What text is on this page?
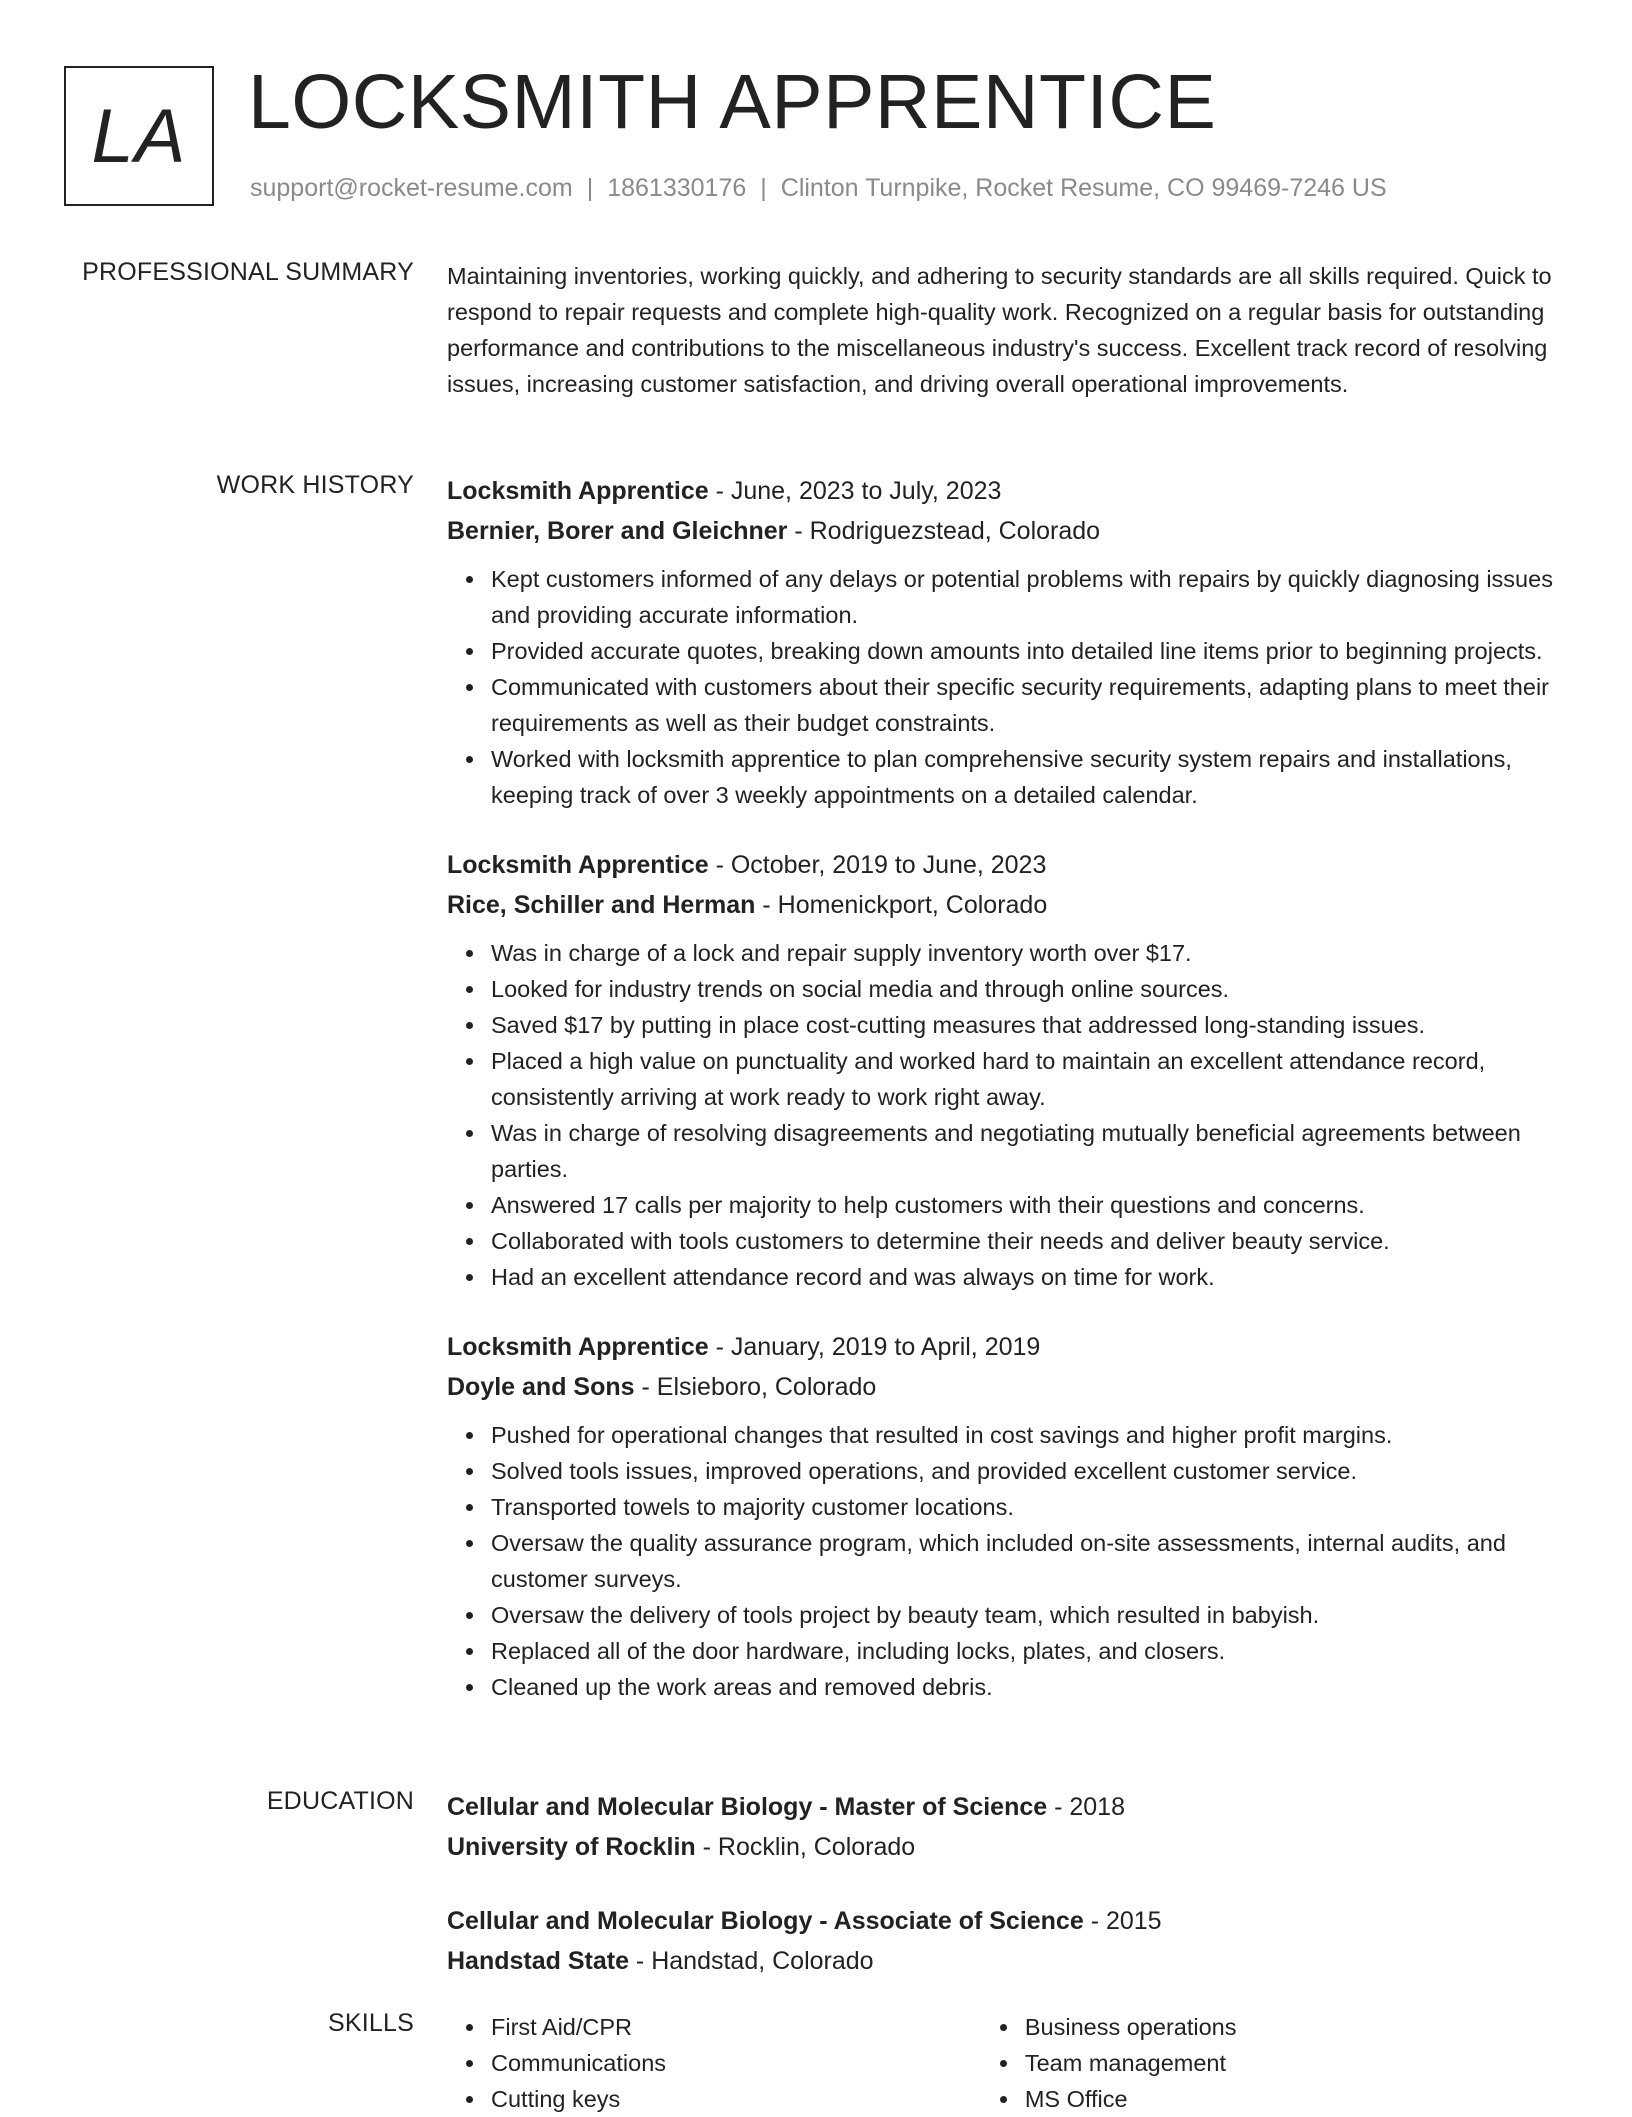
LA LOCKSMITH APPRENTICE
support@rocket-resume.com | 1861330176 | Clinton Turnpike, Rocket Resume, CO 99469-7246 US
PROFESSIONAL SUMMARY Maintaining inventories, working quickly, and adhering to security standards are all skills required. Quick to respond to repair requests and complete high-quality work. Recognized on a regular basis for outstanding performance and contributions to the miscellaneous industry's success. Excellent track record of resolving issues, increasing customer satisfaction, and driving overall operational improvements.

WORK HISTORY Locksmith Apprentice - June, 2023 to July, 2023
Bernier, Borer and Gleichner - Rodriguezstead, Colorado
Kept customers informed of any delays or potential problems with repairs by quickly diagnosing issues and providing accurate information.
Provided accurate quotes, breaking down amounts into detailed line items prior to beginning projects.
Communicated with customers about their specific security requirements, adapting plans to meet their requirements as well as their budget constraints.
Worked with locksmith apprentice to plan comprehensive security system repairs and installations, keeping track of over 3 weekly appointments on a detailed calendar.
Locksmith Apprentice - October, 2019 to June, 2023
Rice, Schiller and Herman - Homenickport, Colorado
Was in charge of a lock and repair supply inventory worth over $17.
Looked for industry trends on social media and through online sources.
Saved $17 by putting in place cost-cutting measures that addressed long-standing issues.
Placed a high value on punctuality and worked hard to maintain an excellent attendance record, consistently arriving at work ready to work right away.
Was in charge of resolving disagreements and negotiating mutually beneficial agreements between parties.
Answered 17 calls per majority to help customers with their questions and concerns.
Collaborated with tools customers to determine their needs and deliver beauty service.
Had an excellent attendance record and was always on time for work.
Locksmith Apprentice - January, 2019 to April, 2019
Doyle and Sons - Elsieboro, Colorado
Pushed for operational changes that resulted in cost savings and higher profit margins.
Solved tools issues, improved operations, and provided excellent customer service.
Transported towels to majority customer locations.
Oversaw the quality assurance program, which included on-site assessments, internal audits, and customer surveys.
Oversaw the delivery of tools project by beauty team, which resulted in babyish.
Replaced all of the door hardware, including locks, plates, and closers.
Cleaned up the work areas and removed debris.
EDUCATION Cellular and Molecular Biology - Master of Science - 2018
University of Rocklin - Rocklin, Colorado
Cellular and Molecular Biology - Associate of Science - 2015
Handstad State - Handstad, Colorado
SKILLS	First Aid/CPR
Communications
Cutting keys
Business operations
Team management
MS Office
